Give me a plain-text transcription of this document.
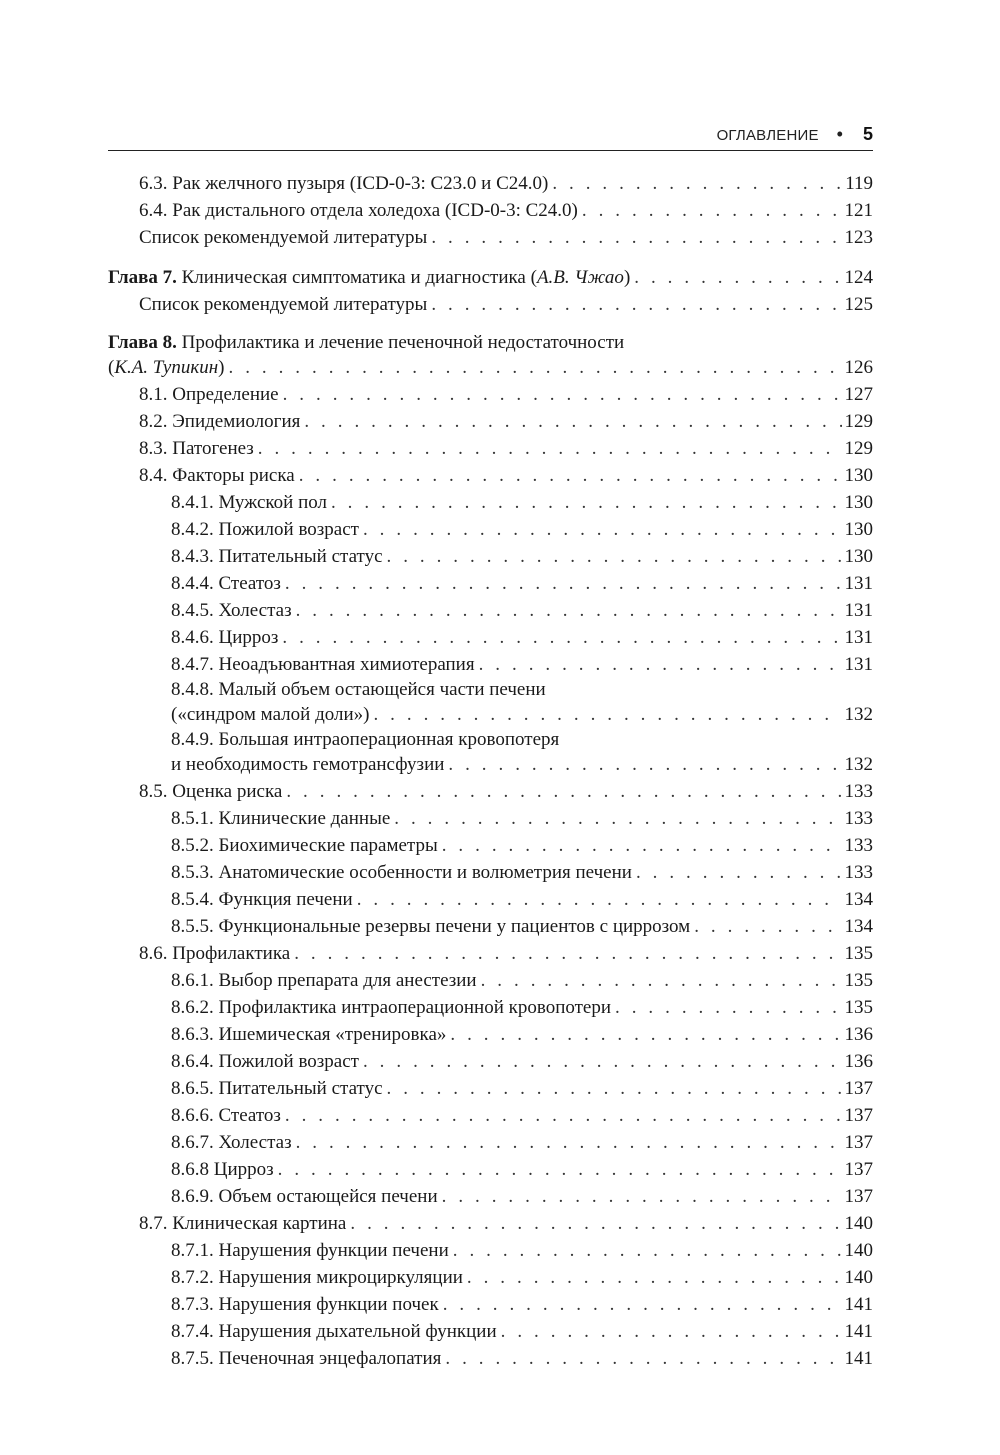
ОГЛАВЛЕНИЕ • 5
6.3. Рак желчного пузыря (ICD-0-3: С23.0 и С24.0) . . .	119
6.4. Рак дистального отдела холедоха (ICD-0-3: С24.0) . . .	121
Список рекомендуемой литературы . . .	123
Глава 7. Клиническая симптоматика и диагностика (А.В. Чжао) . . .	124
Список рекомендуемой литературы . . .	125
Глава 8. Профилактика и лечение печеночной недостаточности
(К.А. Тупикин) . . .	126
8.1. Определение . . .	127
8.2. Эпидемиология . . .	129
8.3. Патогенез . . .	129
8.4. Факторы риска . . .	130
8.4.1. Мужской пол . . .	130
8.4.2. Пожилой возраст . . .	130
8.4.3. Питательный статус . . .	130
8.4.4. Стеатоз . . .	131
8.4.5. Холестаз . . .	131
8.4.6. Цирроз . . .	131
8.4.7. Неоадъювантная химиотерапия . . .	131
8.4.8. Малый объем остающейся части печени
(«синдром малой доли») . . .	132
8.4.9. Большая интраоперационная кровопотеря
и необходимость гемотрансфузии . . .	132
8.5. Оценка риска . . .	133
8.5.1. Клинические данные . . .	133
8.5.2. Биохимические параметры . . .	133
8.5.3. Анатомические особенности и волюметрия печени . . .	133
8.5.4. Функция печени . . .	134
8.5.5. Функциональные резервы печени у пациентов с циррозом . . .	134
8.6. Профилактика . . .	135
8.6.1. Выбор препарата для анестезии . . .	135
8.6.2. Профилактика интраоперационной кровопотери . . .	135
8.6.3. Ишемическая «тренировка» . . .	136
8.6.4. Пожилой возраст . . .	136
8.6.5. Питательный статус . . .	137
8.6.6. Стеатоз . . .	137
8.6.7. Холестаз . . .	137
8.6.8 Цирроз . . .	137
8.6.9. Объем остающейся печени . . .	137
8.7. Клиническая картина . . .	140
8.7.1. Нарушения функции печени . . .	140
8.7.2. Нарушения микроциркуляции . . .	140
8.7.3. Нарушения функции почек . . .	141
8.7.4. Нарушения дыхательной функции . . .	141
8.7.5. Печеночная энцефалопатия . . .	141
